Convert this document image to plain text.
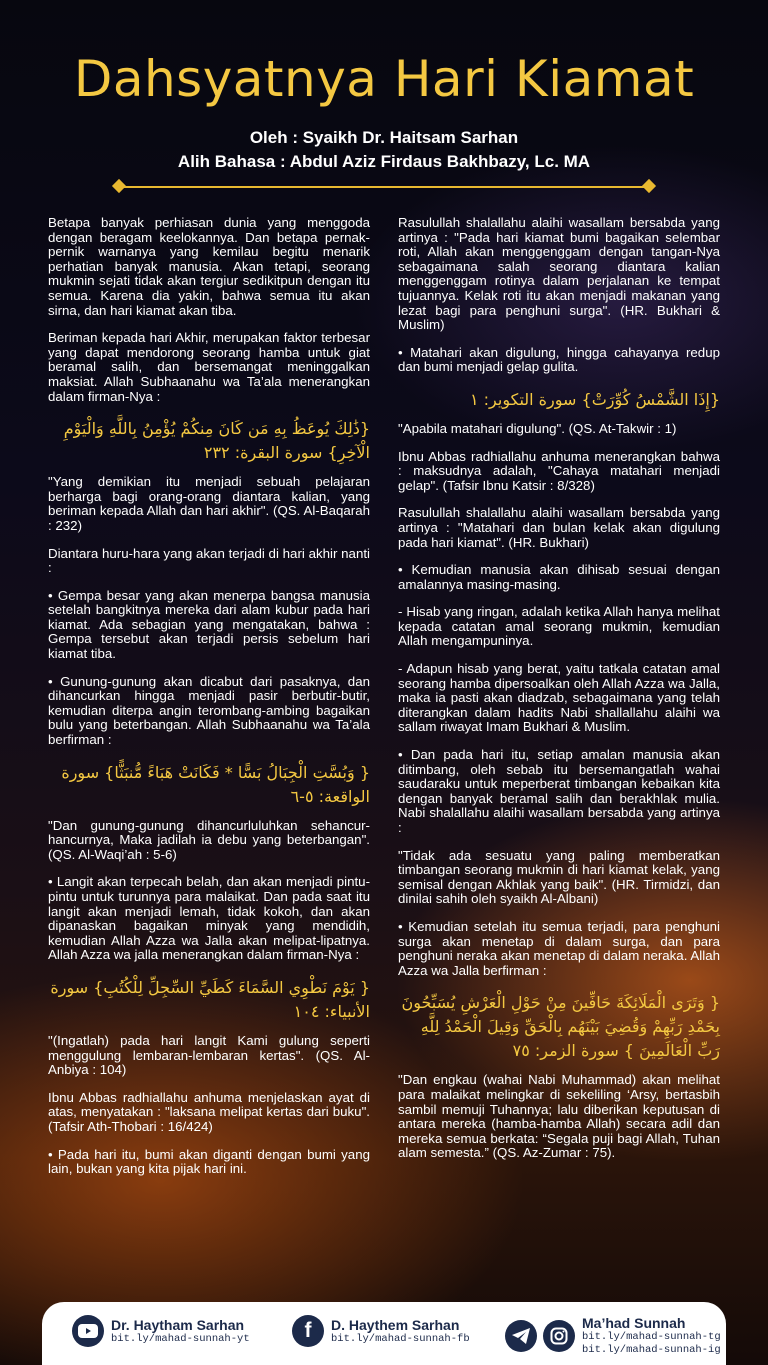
Dahsyatnya Hari Kiamat
Oleh : Syaikh Dr. Haitsam Sarhan
Alih Bahasa : Abdul Aziz Firdaus Bakhbazy, Lc. MA

Betapa banyak perhiasan dunia yang menggoda dengan beragam keelokannya. Dan betapa pernak-pernik warnanya yang kemilau begitu menarik perhatian banyak manusia. Akan tetapi, seorang mukmin sejati tidak akan tergiur sedikitpun dengan itu semua. Karena dia yakin, bahwa semua itu akan sirna, dan hari kiamat akan tiba.

Beriman kepada hari Akhir, merupakan faktor terbesar yang dapat mendorong seorang hamba untuk giat beramal salih, dan bersemangat meninggalkan maksiat. Allah Subhaanahu wa Ta’ala menerangkan dalam firman-Nya :

{ذَٰلِكَ يُوعَظُ بِهِ مَن كَانَ مِنكُمْ يُؤْمِنُ بِاللَّهِ وَالْيَوْمِ الْآخِرِ} سورة البقرة: ٢٣٢

"Yang demikian itu menjadi sebuah pelajaran berharga bagi orang-orang diantara kalian, yang beriman kepada Allah dan hari akhir". (QS. Al-Baqarah : 232)

Diantara huru-hara yang akan terjadi di hari akhir nanti :

• Gempa besar yang akan menerpa bangsa manusia setelah bangkitnya mereka dari alam kubur pada hari kiamat. Ada sebagian yang mengatakan, bahwa : Gempa tersebut akan terjadi persis sebelum hari kiamat tiba.

• Gunung-gunung akan dicabut dari pasaknya, dan dihancurkan hingga menjadi pasir berbutir-butir, kemudian diterpa angin terombang-ambing bagaikan bulu yang beterbangan. Allah Subhaanahu wa Ta’ala berfirman :

{ وَبُسَّتِ الْجِبَالُ بَسًّا * فَكَانَتْ هَبَاءً مُّنبَثًّا} سورة الواقعة: ٥-٦

"Dan gunung-gunung dihancurluluhkan sehancur-hancurnya, Maka jadilah ia debu yang beterbangan". (QS. Al-Waqi’ah : 5-6)

• Langit akan terpecah belah, dan akan menjadi pintu-pintu untuk turunnya para malaikat. Dan pada saat itu langit akan menjadi lemah, tidak kokoh, dan akan dipanaskan bagaikan minyak yang mendidih, kemudian Allah Azza wa Jalla akan melipat-lipatnya. Allah Azza wa jalla menerangkan dalam firman-Nya :

{ يَوْمَ نَطْوِي السَّمَاءَ كَطَيِّ السِّجِلِّ لِلْكُتُبِ} سورة الأنبياء: ١٠٤

"(Ingatlah) pada hari langit Kami gulung seperti menggulung lembaran-lembaran kertas". (QS. Al-Anbiya : 104)

Ibnu Abbas radhiallahu anhuma menjelaskan ayat di atas, menyatakan : "laksana melipat kertas dari buku". (Tafsir Ath-Thobari : 16/424)

• Pada hari itu, bumi akan diganti dengan bumi yang lain, bukan yang kita pijak hari ini.

Rasulullah shalallahu alaihi wasallam bersabda yang artinya : "Pada hari kiamat bumi bagaikan selembar roti, Allah akan menggenggam dengan tangan-Nya sebagaimana salah seorang diantara kalian menggenggam rotinya dalam perjalanan ke tempat tujuannya. Kelak roti itu akan menjadi makanan yang lezat bagi para penghuni surga". (HR. Bukhari & Muslim)

• Matahari akan digulung, hingga cahayanya redup dan bumi menjadi gelap gulita.

{إِذَا الشَّمْسُ كُوِّرَتْ} سورة التكوير: ١

"Apabila matahari digulung". (QS. At-Takwir : 1)

Ibnu Abbas radhiallahu anhuma menerangkan bahwa : maksudnya adalah, "Cahaya matahari menjadi gelap". (Tafsir Ibnu Katsir : 8/328)

Rasulullah shalallahu alaihi wasallam bersabda yang artinya : "Matahari dan bulan kelak akan digulung pada hari kiamat". (HR. Bukhari)

• Kemudian manusia akan dihisab sesuai dengan amalannya masing-masing.

- Hisab yang ringan, adalah ketika Allah hanya melihat kepada catatan amal seorang mukmin, kemudian Allah mengampuninya.

- Adapun hisab yang berat, yaitu tatkala catatan amal seorang hamba dipersoalkan oleh Allah Azza wa Jalla, maka ia pasti akan diadzab, sebagaimana yang telah diterangkan dalam hadits Nabi shallallahu alaihi wa sallam riwayat Imam Bukhari & Muslim.

• Dan pada hari itu, setiap amalan manusia akan ditimbang, oleh sebab itu bersemangatlah wahai saudaraku untuk meperberat timbangan kebaikan kita dengan banyak beramal salih dan berakhlak mulia. Nabi shalallahu alaihi wasallam bersabda yang artinya :

"Tidak ada sesuatu yang paling memberatkan timbangan seorang mukmin di hari kiamat kelak, yang semisal dengan Akhlak yang baik". (HR. Tirmidzi, dan dinilai sahih oleh syaikh Al-Albani)

• Kemudian setelah itu semua terjadi, para penghuni surga akan menetap di dalam surga, dan para penghuni neraka akan menetap di dalam neraka. Allah Azza wa Jalla berfirman :

{ وَتَرَى الْمَلَائِكَةَ حَافِّينَ مِنْ حَوْلِ الْعَرْشِ يُسَبِّحُونَ بِحَمْدِ رَبِّهِمْ وَقُضِيَ بَيْنَهُم بِالْحَقِّ وَقِيلَ الْحَمْدُ لِلَّهِ رَبِّ الْعَالَمِينَ } سورة الزمر: ٧٥

"Dan engkau (wahai Nabi Muhammad) akan melihat para malaikat melingkar di sekeliling ‘Arsy, bertasbih sambil memuji Tuhannya; lalu diberikan keputusan di antara mereka (hamba-hamba Allah) secara adil dan mereka semua berkata: “Segala puji bagi Allah, Tuhan alam semesta.” (QS. Az-Zumar : 75).

Dr. Haytham Sarhan
bit.ly/mahad-sunnah-yt	f D. Haythem Sarhan
bit.ly/mahad-sunnah-fb
Ma’had Sunnah
bit.ly/mahad-sunnah-tg
bit.ly/mahad-sunnah-ig
